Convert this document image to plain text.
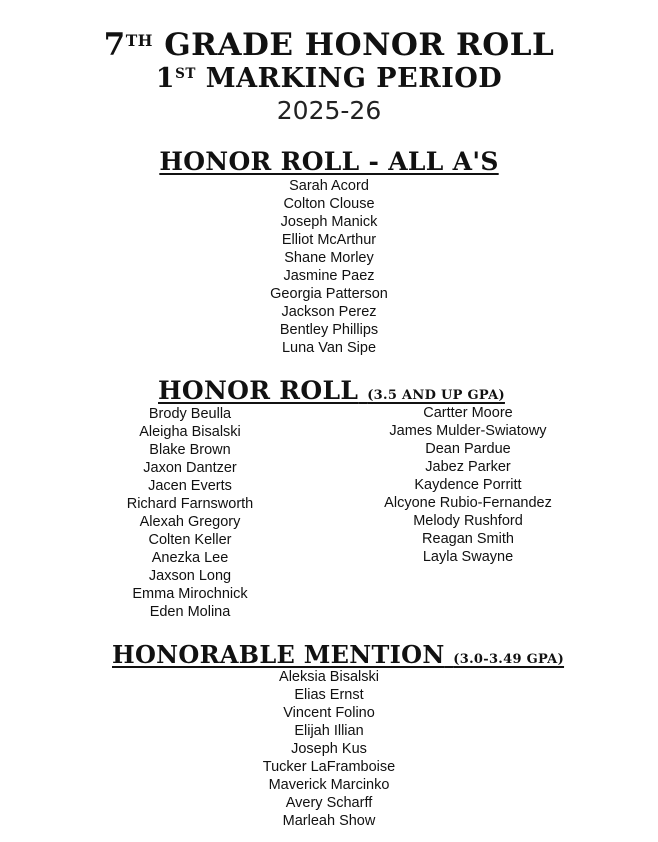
7TH GRADE HONOR ROLL
1ST MARKING PERIOD
2025-26
HONOR ROLL - ALL A'S
Sarah Acord
Colton Clouse
Joseph Manick
Elliot McArthur
Shane Morley
Jasmine Paez
Georgia Patterson
Jackson Perez
Bentley Phillips
Luna Van Sipe
HONOR ROLL (3.5 AND UP GPA)
Brody Beulla
Aleigha Bisalski
Blake Brown
Jaxon Dantzer
Jacen Everts
Richard Farnsworth
Alexah Gregory
Colten Keller
Anezka Lee
Jaxson Long
Emma Mirochnick
Eden Molina
Cartter Moore
James Mulder-Swiatowy
Dean Pardue
Jabez Parker
Kaydence Porritt
Alcyone Rubio-Fernandez
Melody Rushford
Reagan Smith
Layla Swayne
HONORABLE MENTION (3.0-3.49 GPA)
Aleksia Bisalski
Elias Ernst
Vincent Folino
Elijah Illian
Joseph Kus
Tucker LaFramboise
Maverick Marcinko
Avery Scharff
Marleah Show
